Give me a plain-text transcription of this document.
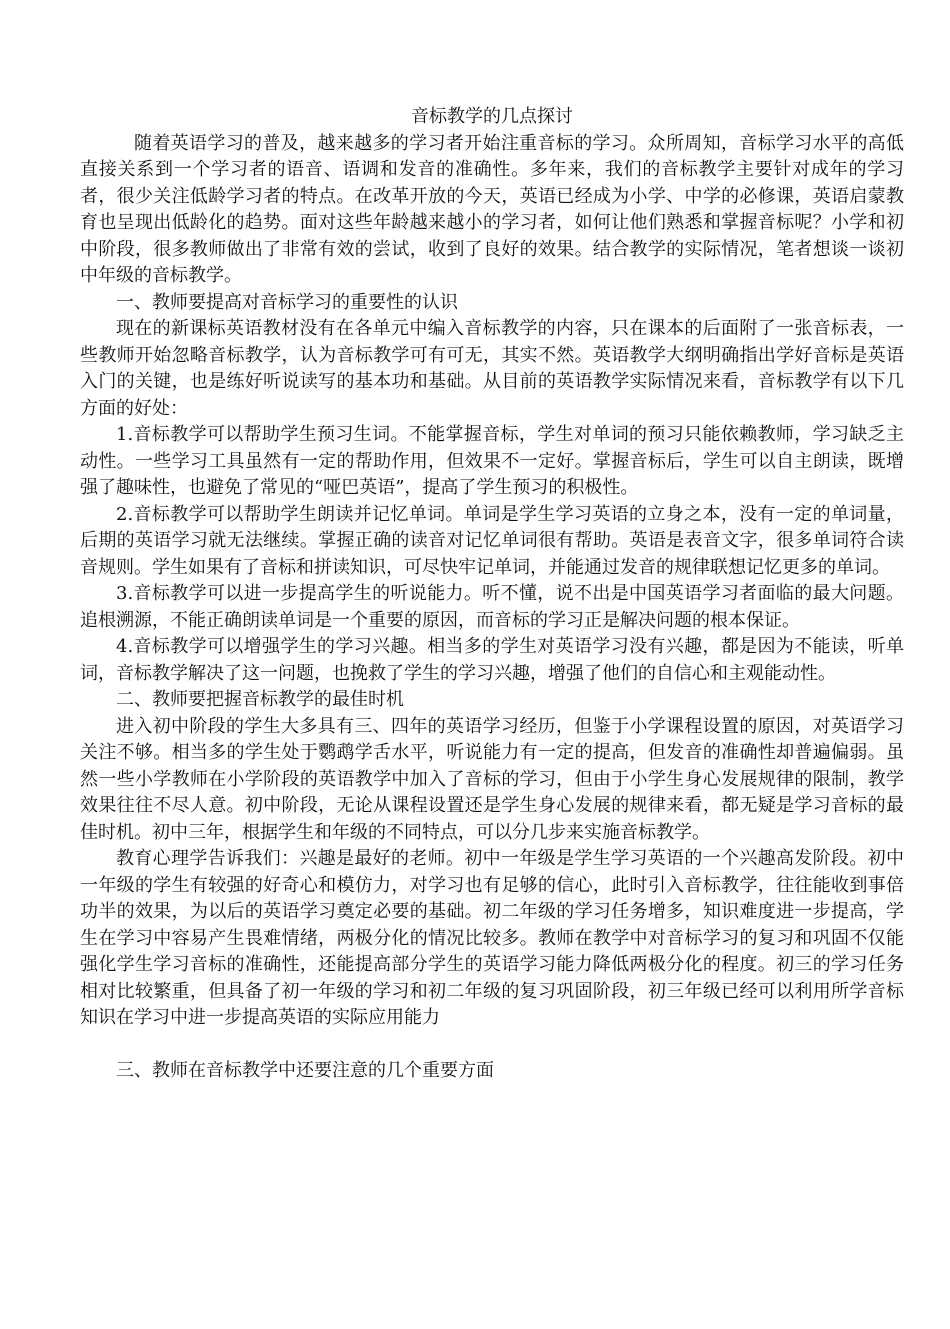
音标教学的几点探讨

随着英语学习的普及，越来越多的学习者开始注重音标的学习。众所周知，音标学习水平的高低直接关系到一个学习者的语音、语调和发音的准确性。多年来，我们的音标教学主要针对成年的学习者，很少关注低龄学习者的特点。在改革开放的今天，英语已经成为小学、中学的必修课，英语启蒙教育也呈现出低龄化的趋势。面对这些年龄越来越小的学习者，如何让他们熟悉和掌握音标呢？小学和初中阶段，很多教师做出了非常有效的尝试，收到了良好的效果。结合教学的实际情况，笔者想谈一谈初中年级的音标教学。

一、教师要提高对音标学习的重要性的认识

现在的新课标英语教材没有在各单元中编入音标教学的内容，只在课本的后面附了一张音标表，一些教师开始忽略音标教学，认为音标教学可有可无，其实不然。英语教学大纲明确指出学好音标是英语入门的关键，也是练好听说读写的基本功和基础。从目前的英语教学实际情况来看，音标教学有以下几方面的好处：

1.音标教学可以帮助学生预习生词。不能掌握音标，学生对单词的预习只能依赖教师，学习缺乏主动性。一些学习工具虽然有一定的帮助作用，但效果不一定好。掌握音标后，学生可以自主朗读，既增强了趣味性，也避免了常见的“哑巴英语”，提高了学生预习的积极性。

2.音标教学可以帮助学生朗读并记忆单词。单词是学生学习英语的立身之本，没有一定的单词量，后期的英语学习就无法继续。掌握正确的读音对记忆单词很有帮助。英语是表音文字，很多单词符合读音规则。学生如果有了音标和拼读知识，可尽快牢记单词，并能通过发音的规律联想记忆更多的单词。

3.音标教学可以进一步提高学生的听说能力。听不懂，说不出是中国英语学习者面临的最大问题。追根溯源，不能正确朗读单词是一个重要的原因，而音标的学习正是解决问题的根本保证。

4.音标教学可以增强学生的学习兴趣。相当多的学生对英语学习没有兴趣，都是因为不能读，听单词，音标教学解决了这一问题，也挽救了学生的学习兴趣，增强了他们的自信心和主观能动性。

二、教师要把握音标教学的最佳时机

进入初中阶段的学生大多具有三、四年的英语学习经历，但鉴于小学课程设置的原因，对英语学习关注不够。相当多的学生处于鹦鹉学舌水平，听说能力有一定的提高，但发音的准确性却普遍偏弱。虽然一些小学教师在小学阶段的英语教学中加入了音标的学习，但由于小学生身心发展规律的限制，教学效果往往不尽人意。初中阶段，无论从课程设置还是学生身心发展的规律来看，都无疑是学习音标的最佳时机。初中三年，根据学生和年级的不同特点，可以分几步来实施音标教学。

教育心理学告诉我们：兴趣是最好的老师。初中一年级是学生学习英语的一个兴趣高发阶段。初中一年级的学生有较强的好奇心和模仿力，对学习也有足够的信心，此时引入音标教学，往往能收到事倍功半的效果，为以后的英语学习奠定必要的基础。初二年级的学习任务增多，知识难度进一步提高，学生在学习中容易产生畏难情绪，两极分化的情况比较多。教师在教学中对音标学习的复习和巩固不仅能强化学生学习音标的准确性，还能提高部分学生的英语学习能力降低两极分化的程度。初三的学习任务相对比较繁重，但具备了初一年级的学习和初二年级的复习巩固阶段，初三年级已经可以利用所学音标知识在学习中进一步提高英语的实际应用能力

三、教师在音标教学中还要注意的几个重要方面
